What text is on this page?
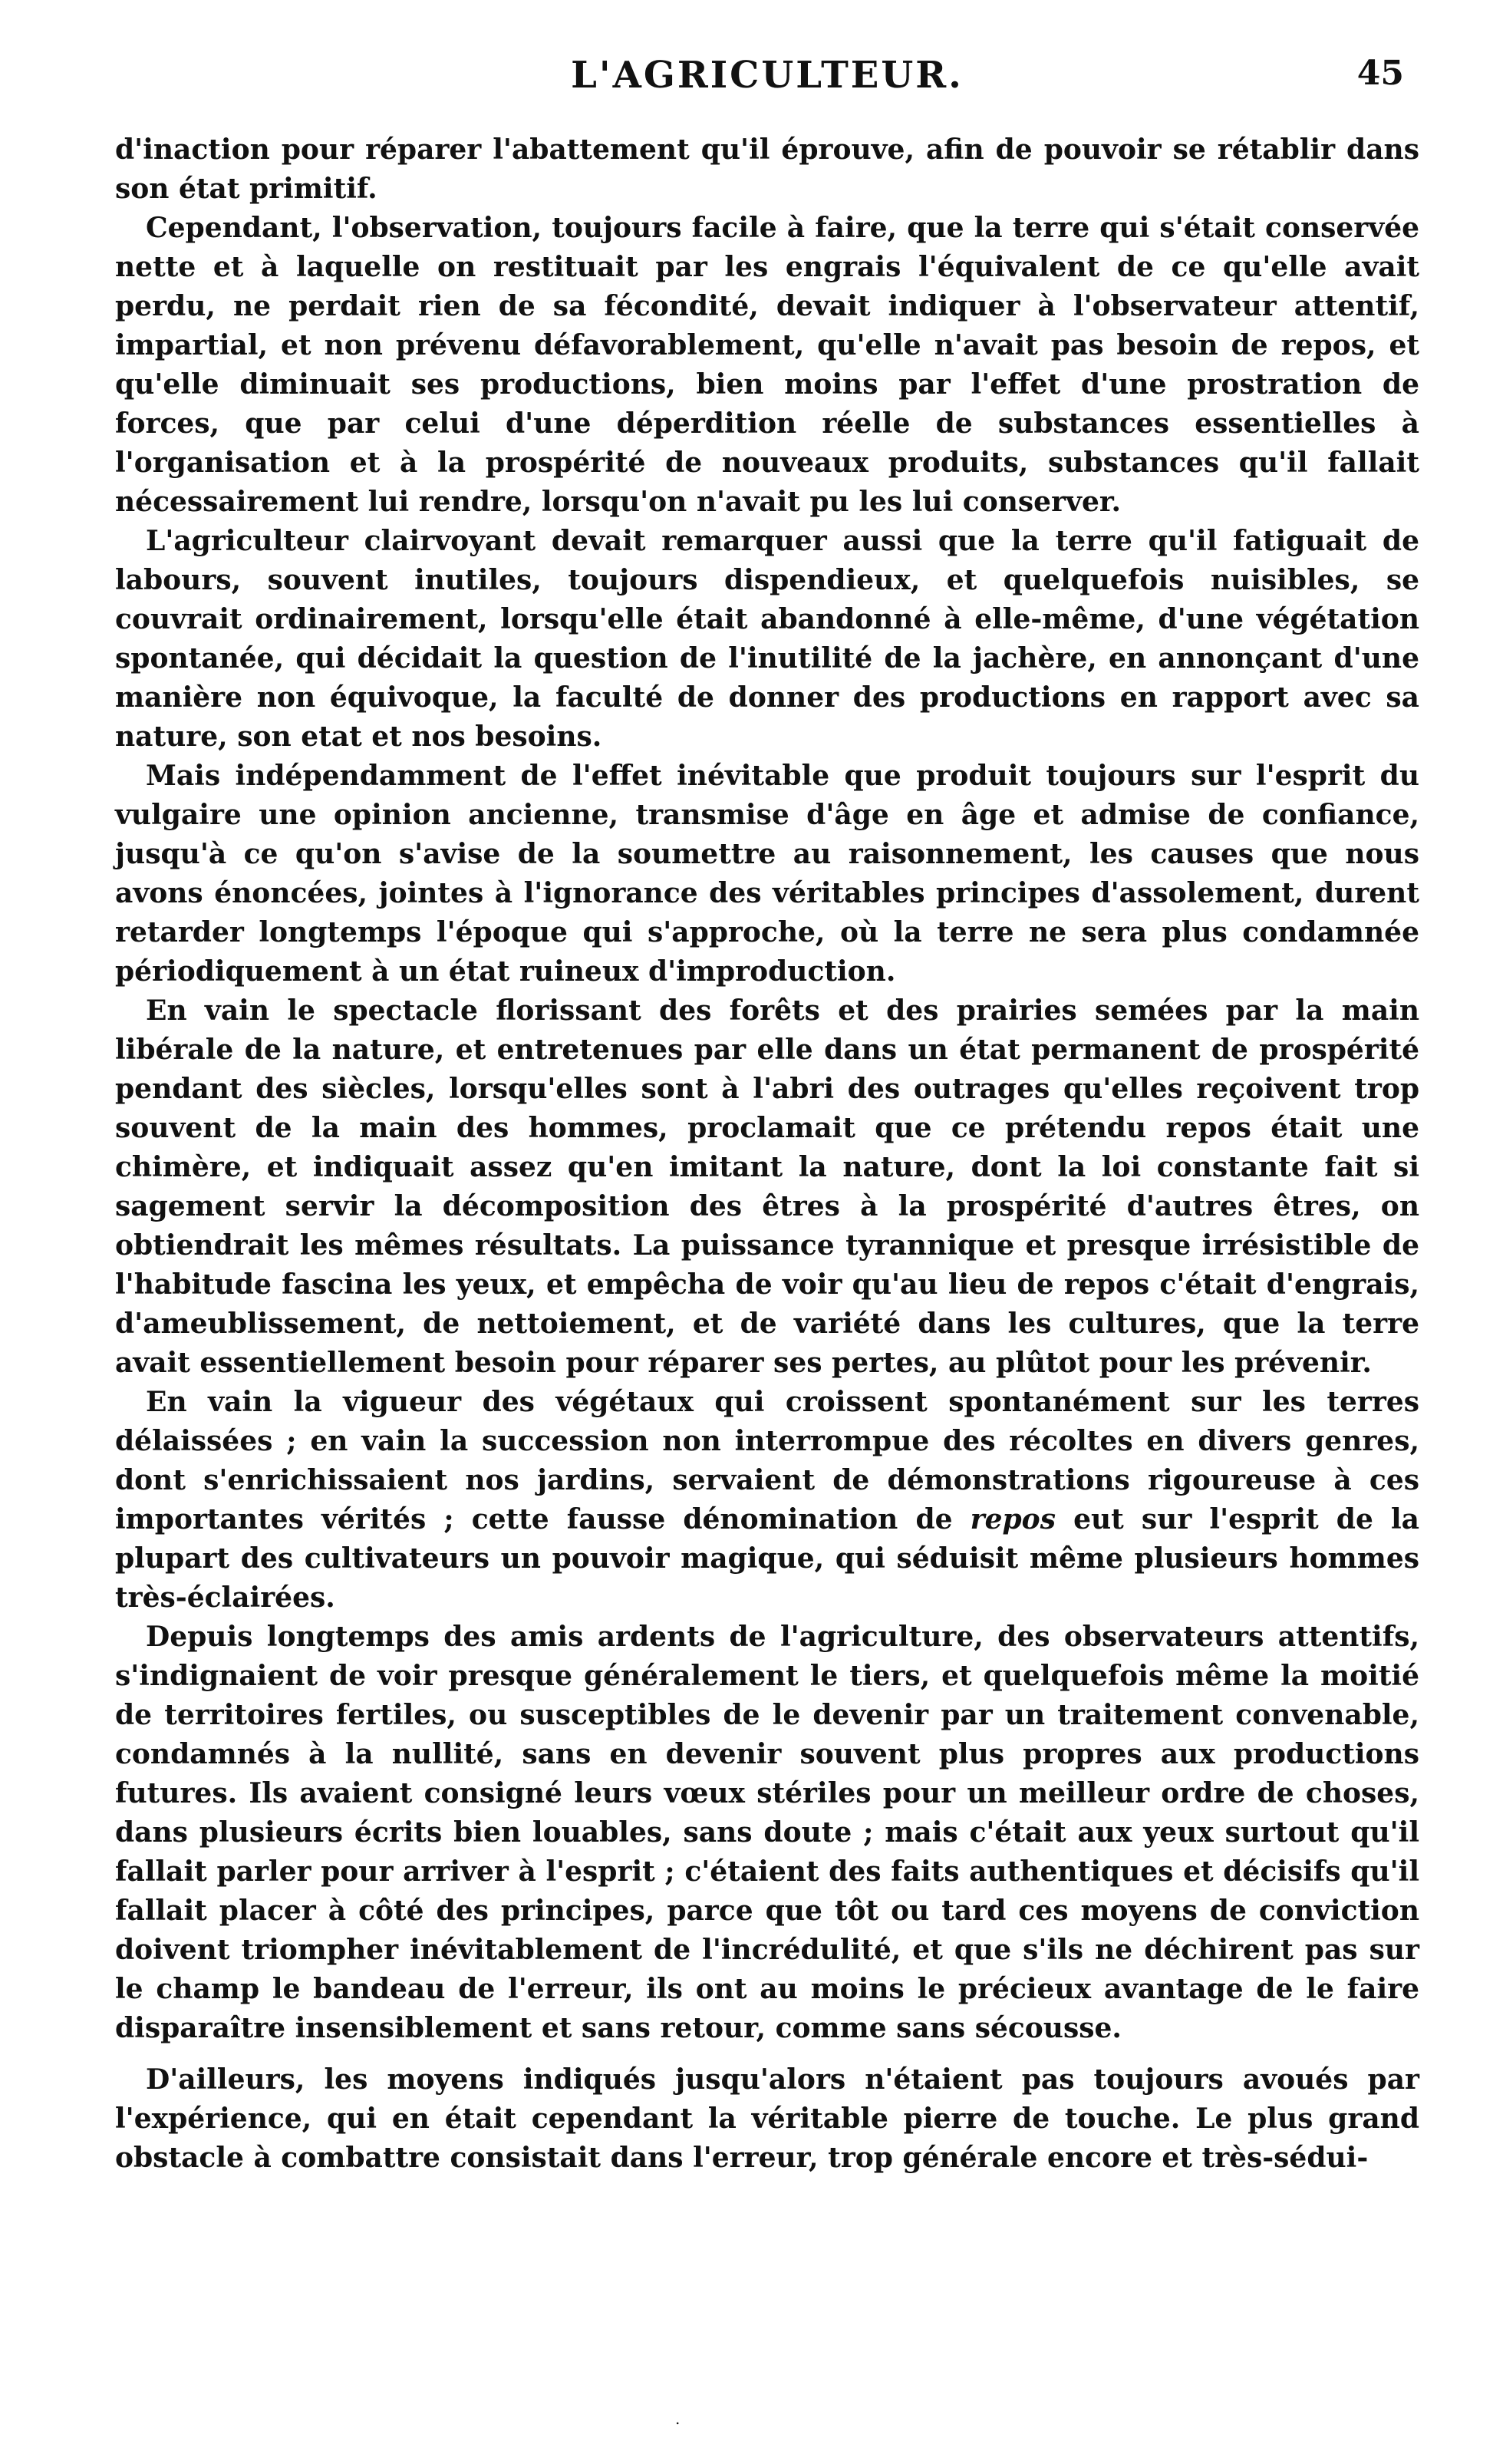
L'AGRICULTEUR.	45

d'inaction pour réparer l'abattement qu'il éprouve, afin de pouvoir se rétablir dans son état primitif.

Cependant, l'observation, toujours facile à faire, que la terre qui s'était conservée nette et à laquelle on restituait par les engrais l'équivalent de ce qu'elle avait perdu, ne perdait rien de sa fécondité, devait indiquer à l'observateur attentif, impartial, et non prévenu défavorablement, qu'elle n'avait pas besoin de repos, et qu'elle diminuait ses productions, bien moins par l'effet d'une prostration de forces, que par celui d'une déperdition réelle de substances essentielles à l'organisation et à la prospérité de nouveaux produits, substances qu'il fallait nécessairement lui rendre, lorsqu'on n'avait pu les lui conserver.

L'agriculteur clairvoyant devait remarquer aussi que la terre qu'il fatiguait de labours, souvent inutiles, toujours dispendieux, et quelquefois nuisibles, se couvrait ordinairement, lorsqu'elle était abandonné à elle-même, d'une végétation spontanée, qui décidait la question de l'inutilité de la jachère, en annonçant d'une manière non équivoque, la faculté de donner des productions en rapport avec sa nature, son etat et nos besoins.

Mais indépendamment de l'effet inévitable que produit toujours sur l'esprit du vulgaire une opinion ancienne, transmise d'âge en âge et admise de confiance, jusqu'à ce qu'on s'avise de la soumettre au raisonnement, les causes que nous avons énoncées, jointes à l'ignorance des véritables principes d'assolement, durent retarder longtemps l'époque qui s'approche, où la terre ne sera plus condamnée périodiquement à un état ruineux d'improduction.

En vain le spectacle florissant des forêts et des prairies semées par la main libérale de la nature, et entretenues par elle dans un état permanent de prospérité pendant des siècles, lorsqu'elles sont à l'abri des outrages qu'elles reçoivent trop souvent de la main des hommes, proclamait que ce prétendu repos était une chimère, et indiquait assez qu'en imitant la nature, dont la loi constante fait si sagement servir la décomposition des êtres à la prospérité d'autres êtres, on obtiendrait les mêmes résultats. La puissance tyrannique et presque irrésistible de l'habitude fascina les yeux, et empêcha de voir qu'au lieu de repos c'était d'engrais, d'ameublissement, de nettoiement, et de variété dans les cultures, que la terre avait essentiellement besoin pour réparer ses pertes, au plûtot pour les prévenir.

En vain la vigueur des végétaux qui croissent spontanément sur les terres délaissées ; en vain la succession non interrompue des récoltes en divers genres, dont s'enrichissaient nos jardins, servaient de démonstrations rigoureuse à ces importantes vérités ; cette fausse dénomination de repos eut sur l'esprit de la plupart des cultivateurs un pouvoir magique, qui séduisit même plusieurs hommes très-éclairées.

Depuis longtemps des amis ardents de l'agriculture, des observateurs attentifs, s'indignaient de voir presque généralement le tiers, et quelquefois même la moitié de territoires fertiles, ou susceptibles de le devenir par un traitement convenable, condamnés à la nullité, sans en devenir souvent plus propres aux productions futures. Ils avaient consigné leurs vœux stériles pour un meilleur ordre de choses, dans plusieurs écrits bien louables, sans doute ; mais c'était aux yeux surtout qu'il fallait parler pour arriver à l'esprit ; c'étaient des faits authentiques et décisifs qu'il fallait placer à côté des principes, parce que tôt ou tard ces moyens de conviction doivent triompher inévitablement de l'incrédulité, et que s'ils ne déchirent pas sur le champ le bandeau de l'erreur, ils ont au moins le précieux avantage de le faire disparaître insensiblement et sans retour, comme sans sécousse.

D'ailleurs, les moyens indiqués jusqu'alors n'étaient pas toujours avoués par l'expérience, qui en était cependant la véritable pierre de touche. Le plus grand obstacle à combattre consistait dans l'erreur, trop générale encore et très-sédui-

.
